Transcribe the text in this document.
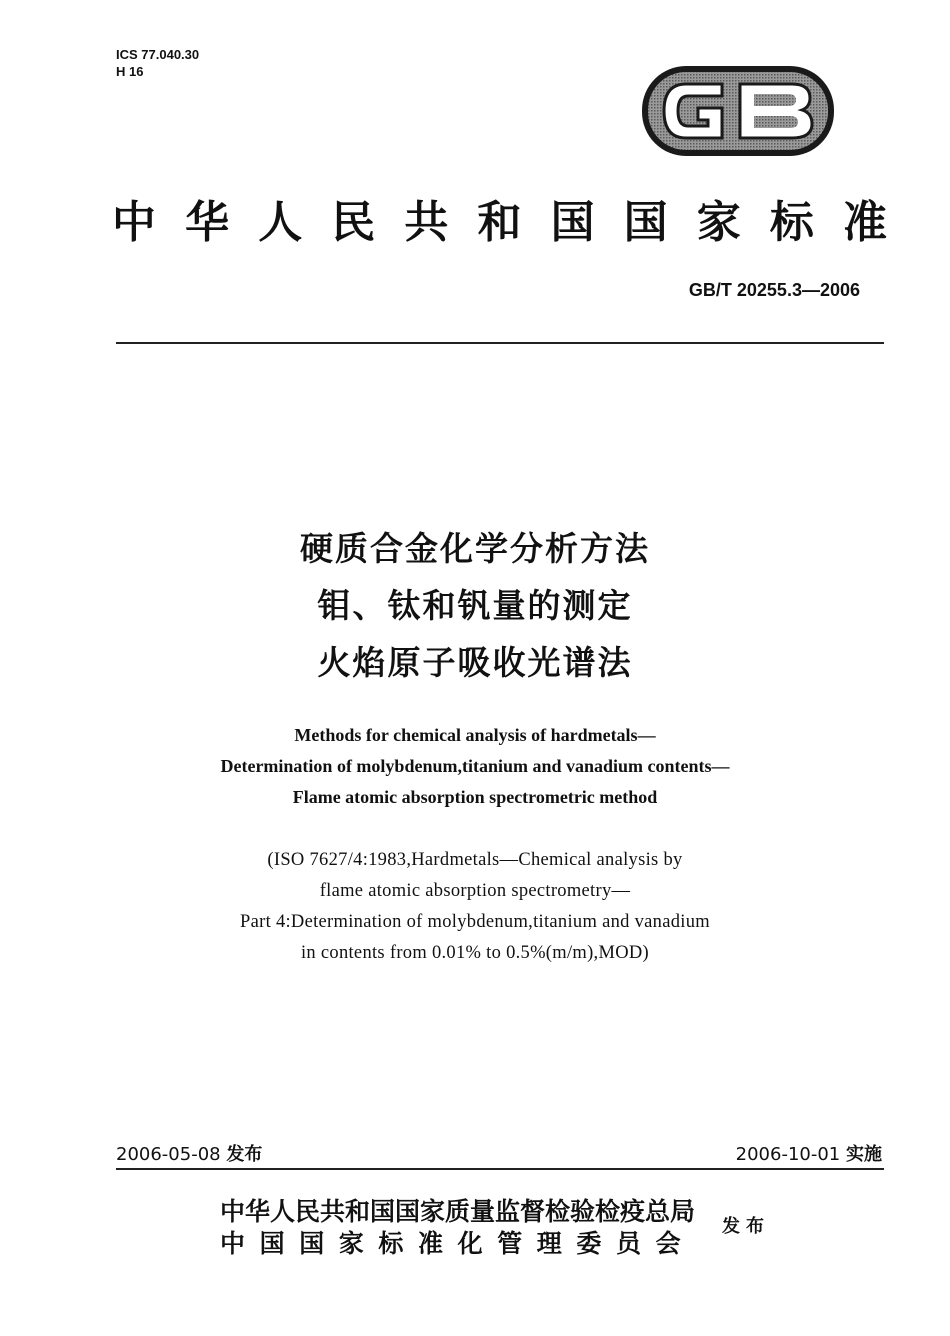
ICS 77.040.30
H 16
中 华 人 民 共 和 国 国 家 标 准
GB/T 20255.3—2006
硬质合金化学分析方法
钼、钛和钒量的测定
火焰原子吸收光谱法
Methods for chemical analysis of hardmetals—
Determination of molybdenum,titanium and vanadium contents—
Flame atomic absorption spectrometric method
(ISO 7627/4:1983,Hardmetals—Chemical analysis by
flame atomic absorption spectrometry—
Part 4:Determination of molybdenum,titanium and vanadium
in contents from 0.01% to 0.5%(m/m),MOD)
2006-05-08 发布	2006-10-01 实施
中华人民共和国国家质量监督检验检疫总局
中国国家标准化管理委员会
发布
